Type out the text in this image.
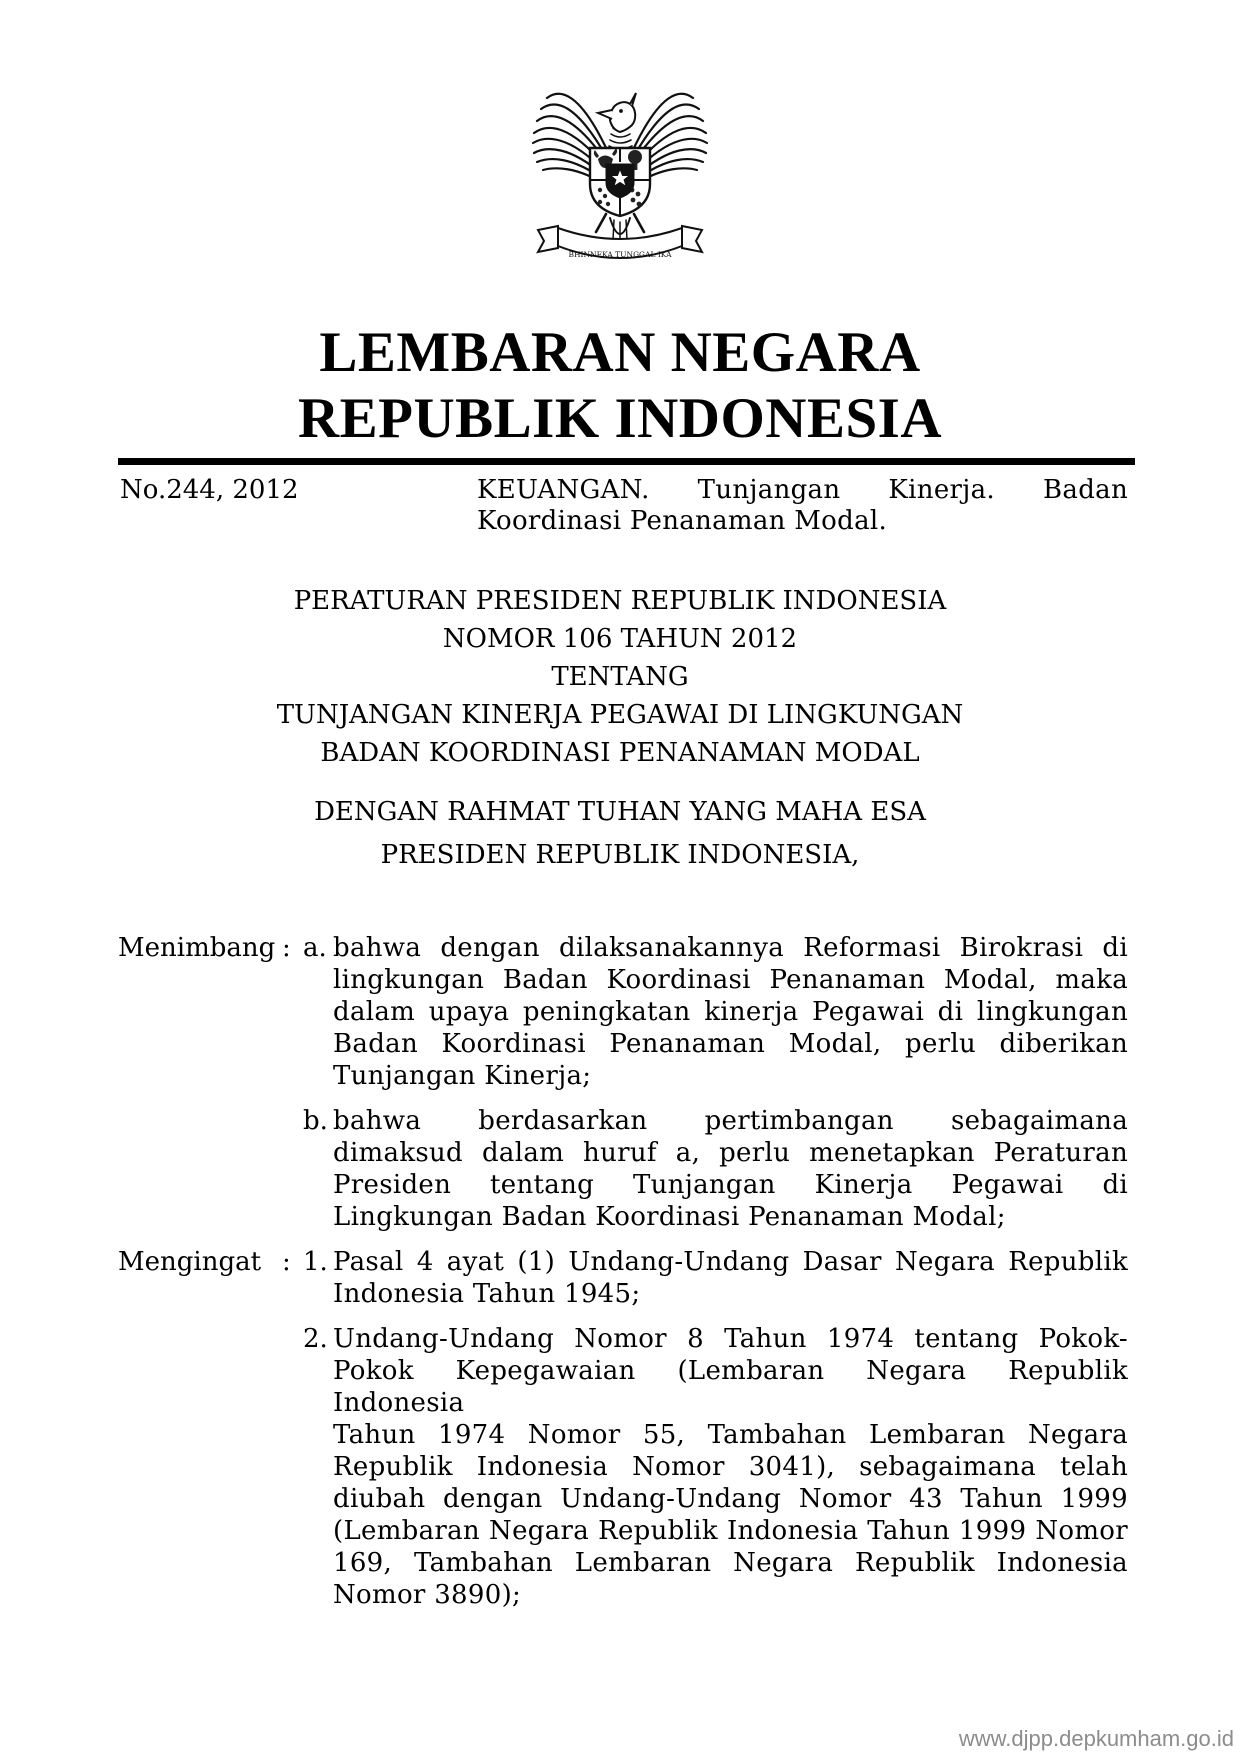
BHINNEKA TUNGGAL IKA
LEMBARAN NEGARA
REPUBLIK INDONESIA
No.244, 2012	KEUANGAN. Tunjangan Kinerja. Badan
Koordinasi Penanaman Modal.
PERATURAN PRESIDEN REPUBLIK INDONESIA
NOMOR 106 TAHUN 2012
TENTANG
TUNJANGAN KINERJA PEGAWAI DI LINGKUNGAN
BADAN KOORDINASI PENANAMAN MODAL
DENGAN RAHMAT TUHAN YANG MAHA ESA
PRESIDEN REPUBLIK INDONESIA,
Menimbang : a. bahwa dengan dilaksanakannya Reformasi Birokrasi di
lingkungan Badan Koordinasi Penanaman Modal, maka
dalam upaya peningkatan kinerja Pegawai di lingkungan
Badan Koordinasi Penanaman Modal, perlu diberikan
Tunjangan Kinerja;
b. bahwa berdasarkan pertimbangan sebagaimana
dimaksud dalam huruf a, perlu menetapkan Peraturan
Presiden tentang Tunjangan Kinerja Pegawai di
Lingkungan Badan Koordinasi Penanaman Modal;
Mengingat : 1. Pasal 4 ayat (1) Undang-Undang Dasar Negara Republik
Indonesia Tahun 1945;
2. Undang-Undang Nomor 8 Tahun 1974 tentang Pokok-
Pokok Kepegawaian (Lembaran Negara Republik Indonesia
Tahun 1974 Nomor 55, Tambahan Lembaran Negara
Republik Indonesia Nomor 3041), sebagaimana telah
diubah dengan Undang-Undang Nomor 43 Tahun 1999
(Lembaran Negara Republik Indonesia Tahun 1999 Nomor
169, Tambahan Lembaran Negara Republik Indonesia
Nomor 3890);
www.djpp.depkumham.go.id
